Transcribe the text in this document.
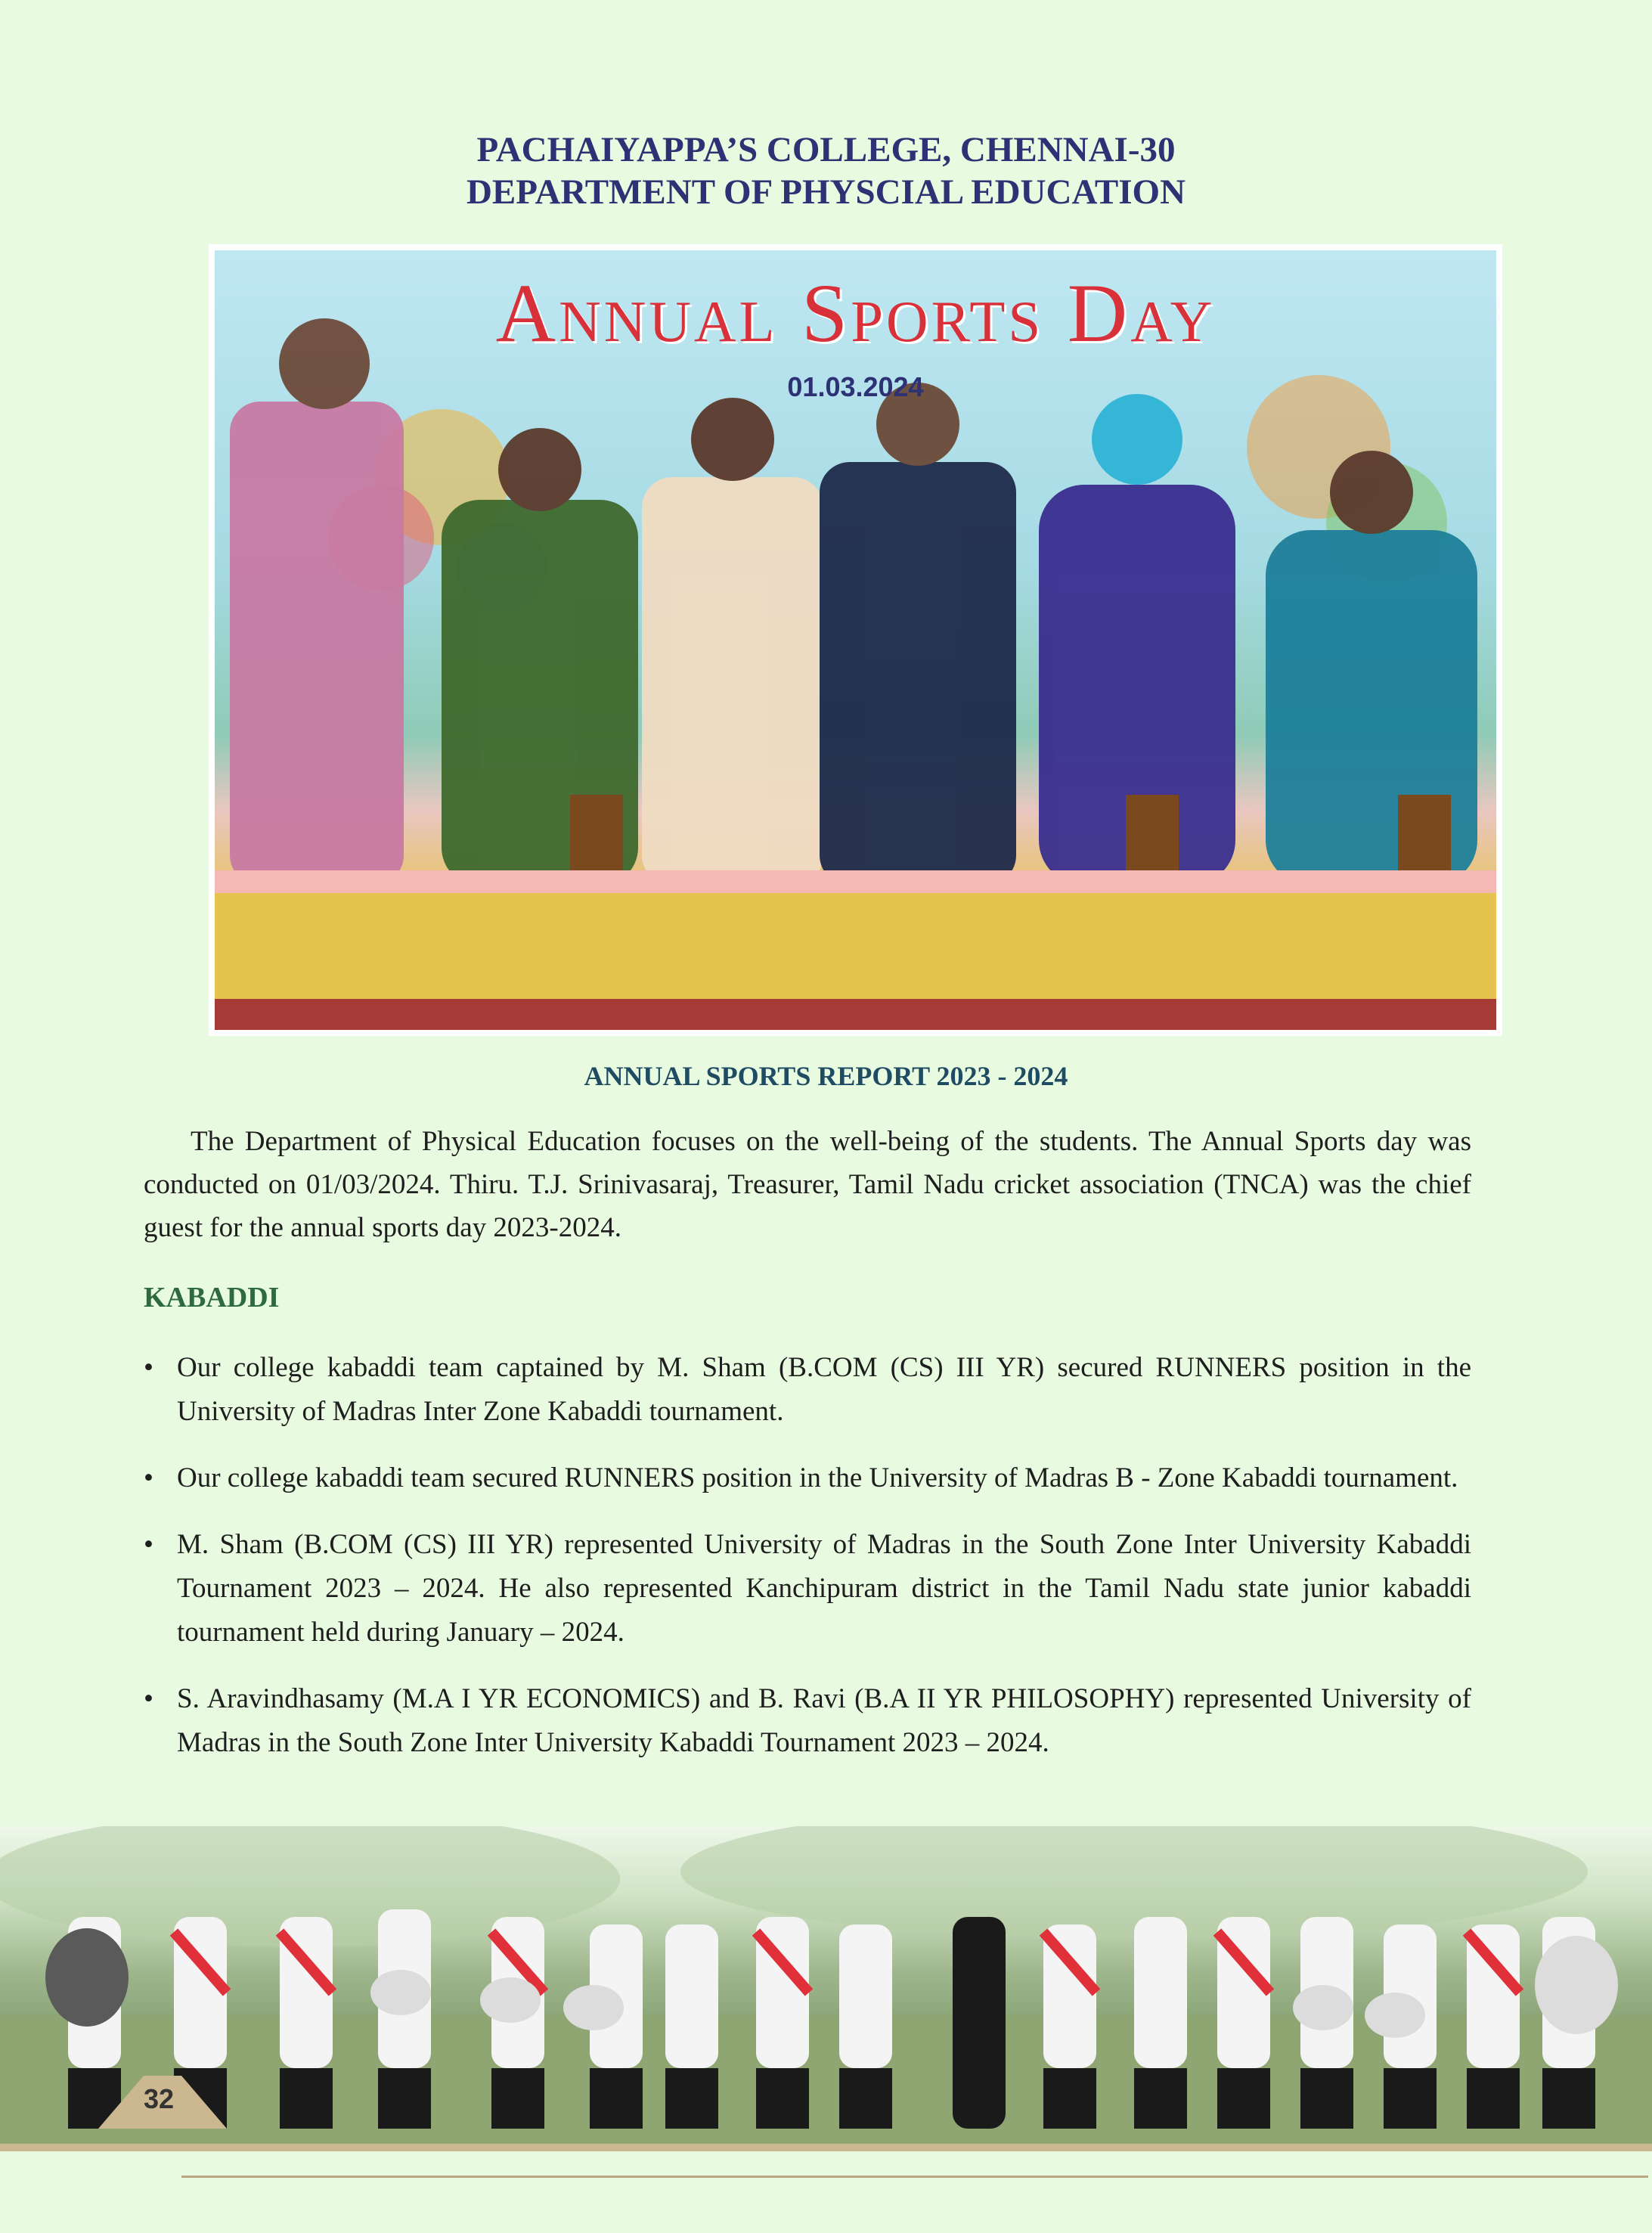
PACHAIYAPPA’S COLLEGE, CHENNAI-30
DEPARTMENT OF PHYSCIAL EDUCATION
Annual Sports Day
01.03.2024
ANNUAL SPORTS REPORT 2023 - 2024

The Department of Physical Education focuses on the well-being of the students. The Annual Sports day was conducted on 01/03/2024. Thiru. T.J. Srinivasaraj, Treasurer, Tamil Nadu cricket association (TNCA) was the chief guest for the annual sports day 2023-2024.

KABADDI
• Our college kabaddi team captained by M. Sham (B.COM (CS) III YR) secured RUNNERS position in the University of Madras Inter Zone Kabaddi tournament.
• Our college kabaddi team secured RUNNERS position in the University of Madras B - Zone Kabaddi tournament.
• M. Sham (B.COM (CS) III YR) represented University of Madras in the South Zone Inter University Kabaddi Tournament 2023 – 2024. He also represented Kanchipuram district in the Tamil Nadu state junior kabaddi tournament held during January – 2024.
• S. Aravindhasamy (M.A I YR ECONOMICS) and B. Ravi (B.A II YR PHILOSOPHY) represented University of Madras in the South Zone Inter University Kabaddi Tournament 2023 – 2024.
32
